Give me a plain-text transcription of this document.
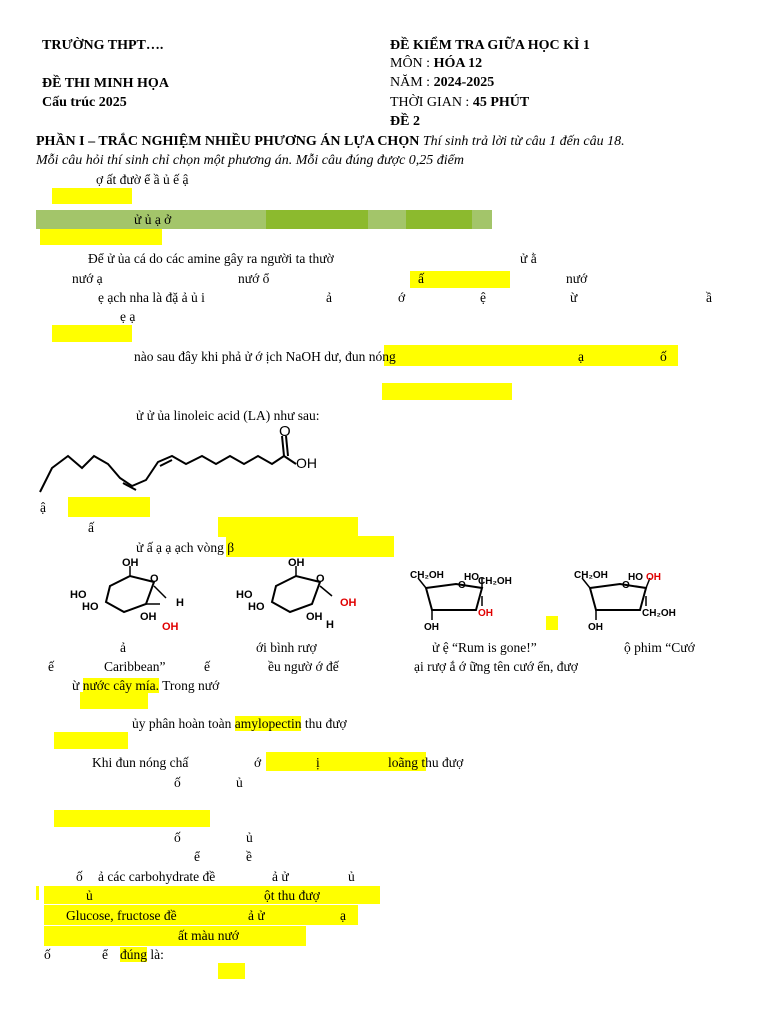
TRƯỜNG THPT….
ĐỀ THI MINH HỌA
Cấu trúc 2025
ĐỀ KIỂM TRA GIỮA HỌC KÌ 1
MÔN : HÓA 12
NĂM : 2024-2025
THỜI GIAN : 45 PHÚT
ĐỀ 2
PHẦN I – TRẮC NGHIỆM NHIỀU PHƯƠNG ÁN LỰA CHỌN Thí sinh trả lời từ câu 1 đến câu 18.
Mỗi câu hỏi thí sinh chỉ chọn một phương án. Mỗi câu đúng được 0,25 điểm
ợ ất đườ ể ầ ủ ế ậ
ử ủ ạ ở
Để ử ủa cá do các amine gây ra người ta thườ	ử ằ
nướ ạ	nướ ổ	ấ	nướ
ẹ ạch nha là đặ ả ủ i	ả	ớ	ệ	ừ	ầ
ẹ ạ
nào sau đây khi phả ử ớ ịch NaOH dư, đun nóng	ạ	ố
ử ử ủa linoleic acid (LA) như sau:
O
OH
ậ
ấ
ử ấ ạ ạ ạch vòng β
OH
O
HO
HO
OH
OH
H
OH
O
HO
HO
OH
H
OH
CH₂OH
O
HO CH₂OH
OH
OH
CH₂OH
O
HO OH
CH₂OH
OH
ả	ới bình rượ	ử ệ “Rum is gone!”	ộ phim “Cướ
ế	Caribbean”	ế	ều ngườ ớ đế	ại rượ ắ ớ ững tên cướ ển, đượ
ừ nước cây mía. Trong nướ
ủy phân hoàn toàn amylopectin thu đượ
Khi đun nóng chấ	ớ	ị	loãng thu đượ
ố	ủ
ố	ủ
ể	ề
ố ả các carbohydrate đề	ả ử	ủ
ủ	ột thu đượ
Glucose, fructose đề	ả ử	ạ
ất màu nướ
ố	ể đúng là:
